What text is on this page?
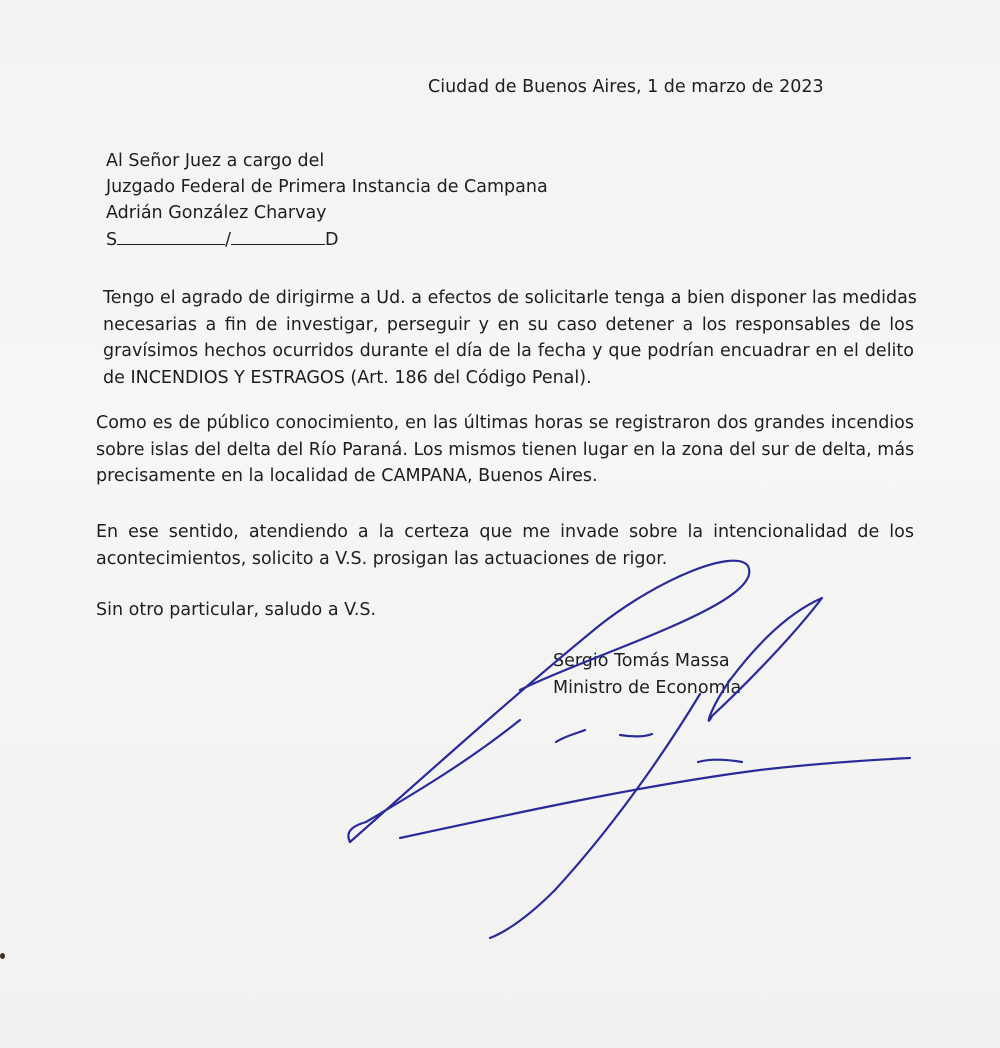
Ciudad de Buenos Aires, 1 de marzo de 2023
Al Señor Juez a cargo del
Juzgado Federal de Primera Instancia de Campana
Adrián González Charvay
S	/	D
Tengo el agrado de dirigirme a Ud. a efectos de solicitarle tenga a bien disponer las medidas
necesarias a fin de investigar, perseguir y en su caso detener a los responsables de los
gravísimos hechos ocurridos durante el día de la fecha y que podrían encuadrar en el delito
de INCENDIOS Y ESTRAGOS (Art. 186 del Código Penal).
Como es de público conocimiento, en las últimas horas se registraron dos grandes incendios
sobre islas del delta del Río Paraná. Los mismos tienen lugar en la zona del sur de delta, más
precisamente en la localidad de CAMPANA, Buenos Aires.
En ese sentido, atendiendo a la certeza que me invade sobre la intencionalidad de los
acontecimientos, solicito a V.S. prosigan las actuaciones de rigor.
Sin otro particular, saludo a V.S.
Sergio Tomás Massa
Ministro de Economía
